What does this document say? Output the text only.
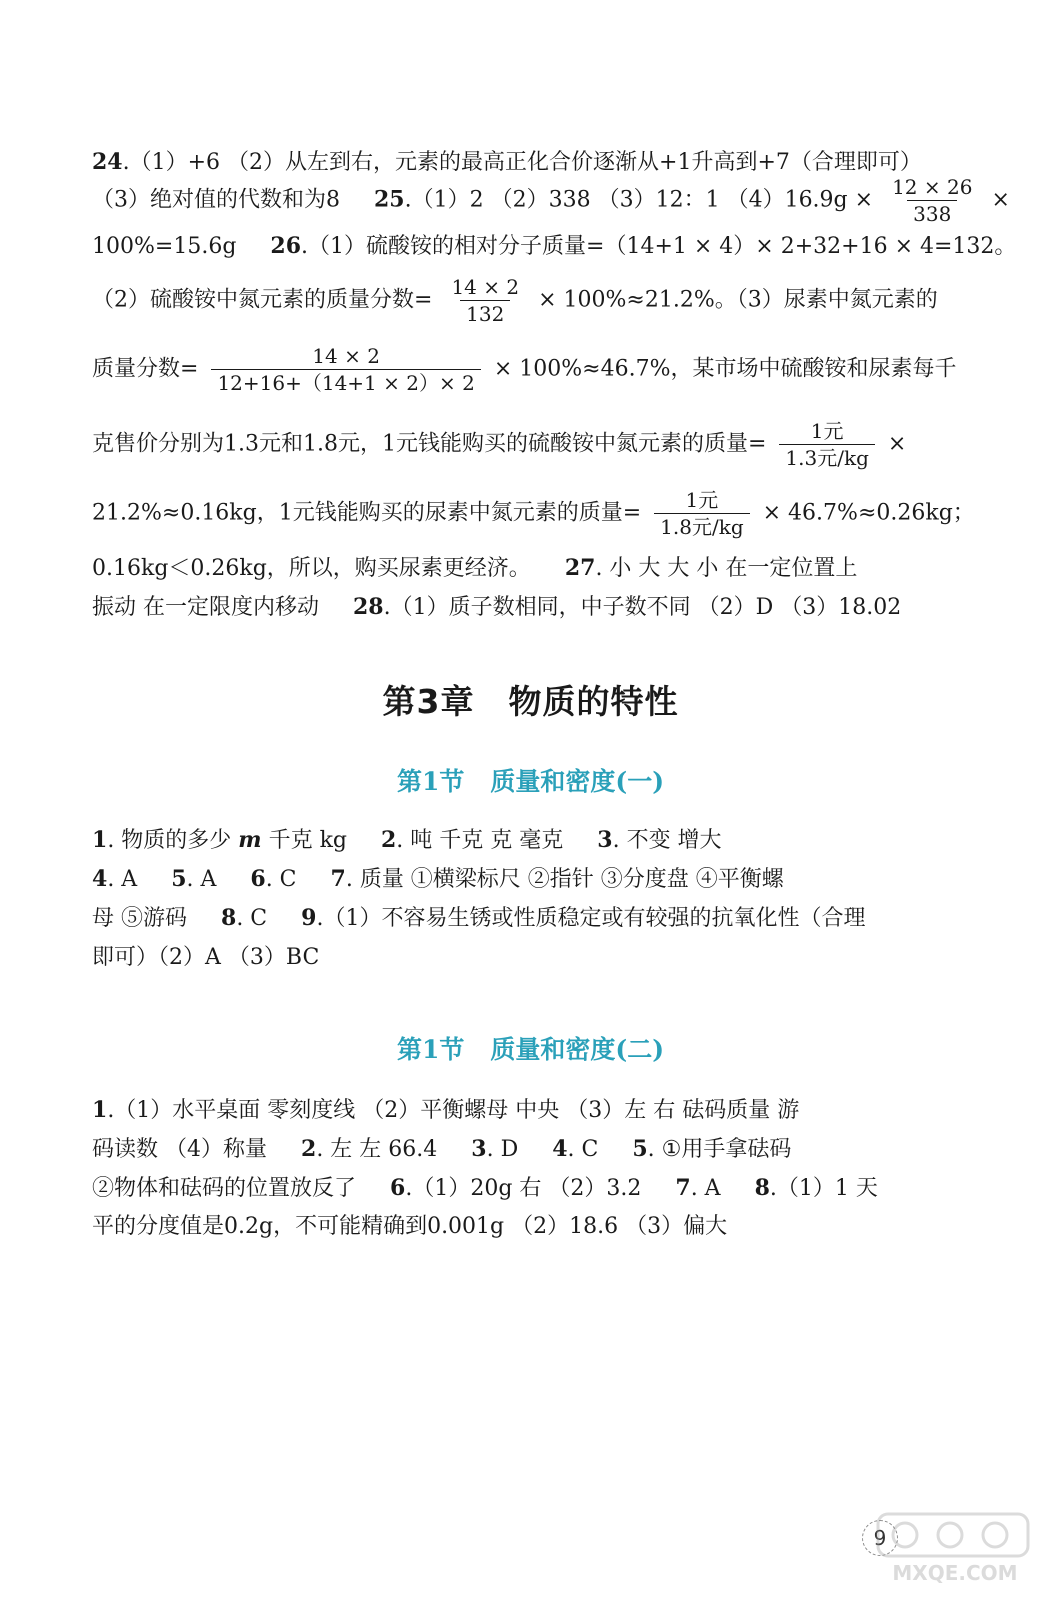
24.（1）+6 （2）从左到右，元素的最高正化合价逐渐从+1升高到+7（合理即可）
（3）绝对值的代数和为8 25.（1）2 （2）338 （3）12：1 $(4)16.9g \times \frac{12 \times 26}{338}$ ×
100%=15.6g 26.（1）硫酸铵的相对分子质量=（14+1 × 4）× 2+32+16 × 4=132。
（2）硫酸铵中氮元素的质量分数= $\frac{14 \times 2}{132} \times 100\%\approx 21.2\%$。（3）尿素中氮元素的
质量分数= $\frac{14 \times 2}{12+16+(14+1 \times 2)\times 2} \times 100\%\approx 46.7\%$，某市场中硫酸铵和尿素每千
克售价分别为1.3元和1.8元，1元钱能购买的硫酸铵中氮元素的质量= $\frac{\text{1元}}{\text{1.3元/kg}}$ ×
21.2%≈0.16kg，1元钱能购买的尿素中氮元素的质量= $\frac{\text{1元}}{\text{1.8元/kg}} \times 46.7\%\approx 0.26kg$；
0.16kg＜0.26kg，所以，购买尿素更经济。 27. 小 大 大 小 在一定位置上
振动 在一定限度内移动 28.（1）质子数相同，中子数不同 （2）D （3）18.02
第3章 物质的特性
第1节 质量和密度(一)
1. 物质的多少 m 千克 kg 2. 吨 千克 克 毫克 3. 不变 增大
4. A 5. A 6. C 7. 质量 ①横梁标尺 ②指针 ③分度盘 ④平衡螺
母 ⑤游码 8. C 9.（1）不容易生锈或性质稳定或有较强的抗氧化性（合理
即可）（2）A （3）BC
第1节 质量和密度(二)
1.（1）水平桌面 零刻度线 （2）平衡螺母 中央 （3）左 右 砝码质量 游
码读数 （4）称量 2. 左 左 66.4 3. D 4. C 5. ①用手拿砝码
②物体和砝码的位置放反了 6.（1）20g 右 （2）3.2 7. A 8.（1）1 天
平的分度值是0.2g，不可能精确到0.001g （2）18.6 （3）偏大
9
MXQE.COM
